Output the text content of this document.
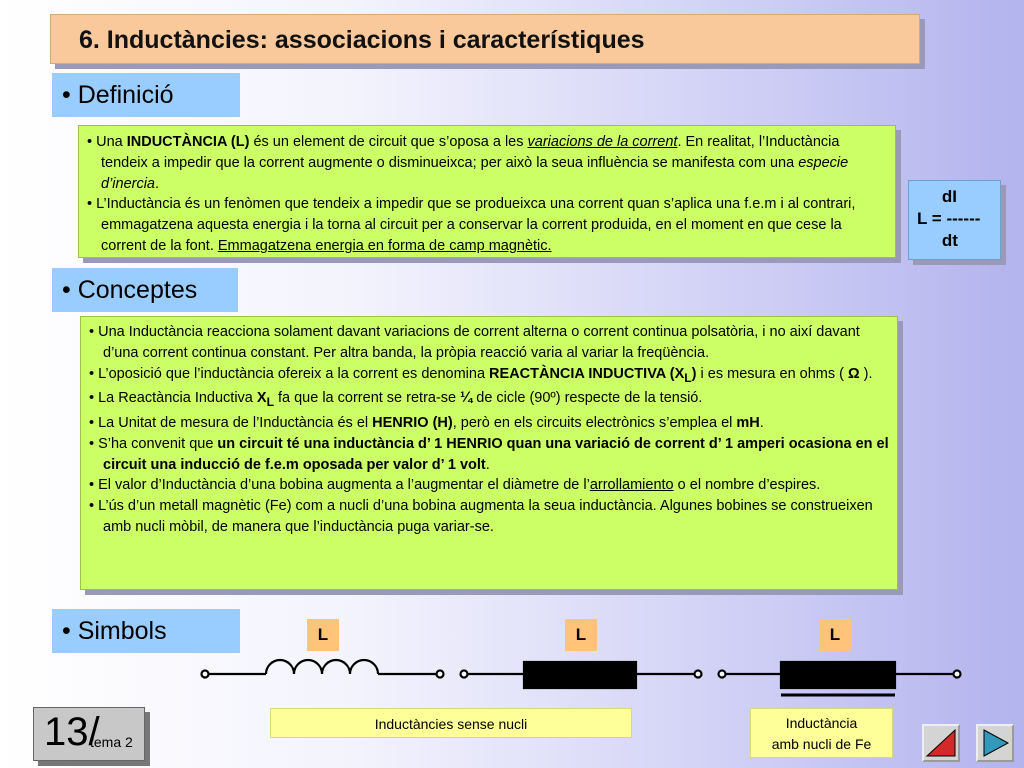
6. Inductàncies: associacions i característiques
• Definició

• Una INDUCTÀNCIA (L) és un element de circuit que s’oposa a les variacions de la corrent. En realitat, l’Inductància tendeix a impedir que la corrent augmente o disminueixca; per això la seua influència se manifesta com una especie d’inercia.

• L’Inductància és un fenòmen que tendeix a impedir que se produeixca una corrent quan s’aplica una f.e.m i al contrari, emmagatzena aquesta energia i la torna al circuit per a conservar la corrent produida, en el moment en que cese la corrent de la font. Emmagatzena energia en forma de camp magnètic.

dI
L = ------
dt
• Conceptes

• Una Inductància reacciona solament davant variacions de corrent alterna o corrent continua polsatòria, i no així davant d’una corrent continua constant. Per altra banda, la pròpia reacció varia al variar la freqüència.

• L’oposició que l’inductància ofereix a la corrent es denomina REACTÀNCIA INDUCTIVA $(X_L)$ i es mesura en ohms ( Ω ).

• La Reactància Inductiva $X_L$ fa que la corrent se retra-se ¼ de cicle (90º) respecte de la tensió.

• La Unitat de mesura de l’Inductància és el HENRIO (H), però en els circuits electrònics s’emplea el mH.

• S’ha convenit que un circuit té una inductància d’ 1 HENRIO quan una variació de corrent d’ 1 amperi ocasiona en el circuit una inducció de f.e.m oposada per valor d’ 1 volt.

• El valor d’Inductància d’una bobina augmenta a l’augmentar el diàmetre de l’arrollamiento o el nombre d’espires.

• L’ús d’un metall magnètic (Fe) com a nucli d’una bobina augmenta la seua inductància. Algunes bobines se construeixen amb nucli mòbil, de manera que l’inductància puga variar-se.

• Simbols	L	L	L
Inductàncies sense nucli	Inductància
amb nucli de Fe
13/
tema 2
